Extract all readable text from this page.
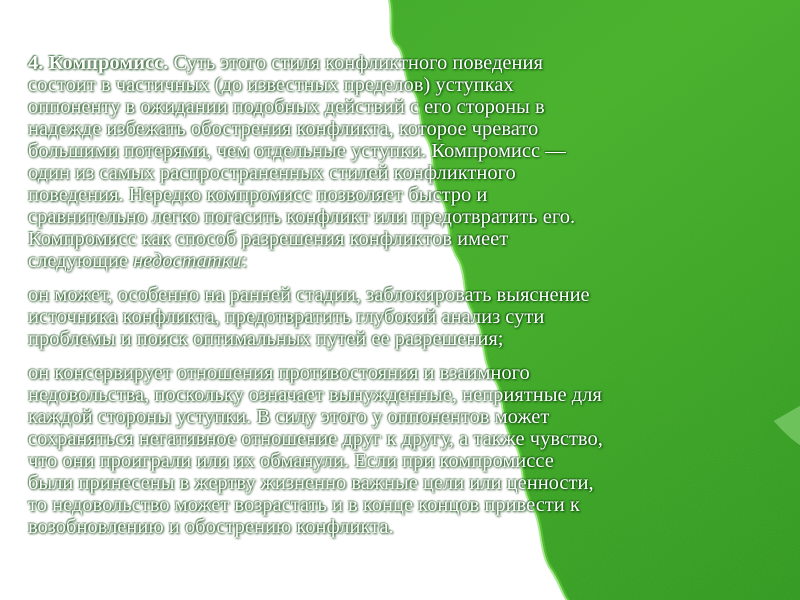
• 4. Компромисс. Суть этого стиля конфликтного поведения
состоит в частичных (до известных пределов) уступках
оппоненту в ожидании подобных действий с его стороны в
надежде избежать обострения конфликта, которое чревато
большими потерями, чем отдельные уступки. Компромисс —
один из самых распространенных стилей конфликтного
поведения. Нередко компромисс позволяет быстро и
сравнительно легко погасить конфликт или предотвратить его.
Компромисс как способ разрешения конфликтов имеет
следующие недостатки:
• он может, особенно на ранней стадии, заблокировать выяснение
источника конфликта, предотвратить глубокий анализ сути
проблемы и поиск оптимальных путей ее разрешения;
• он консервирует отношения противостояния и взаимного
недовольства, поскольку означает вынужденные, неприятные для
каждой стороны уступки. В силу этого у оппонентов может
сохраняться негативное отношение друг к другу, а также чувство,
что они проиграли или их обманули. Если при компромиссе
были принесены в жертву жизненно важные цели или ценности,
то недовольство может возрастать и в конце концов привести к
возобновлению и обострению конфликта.
